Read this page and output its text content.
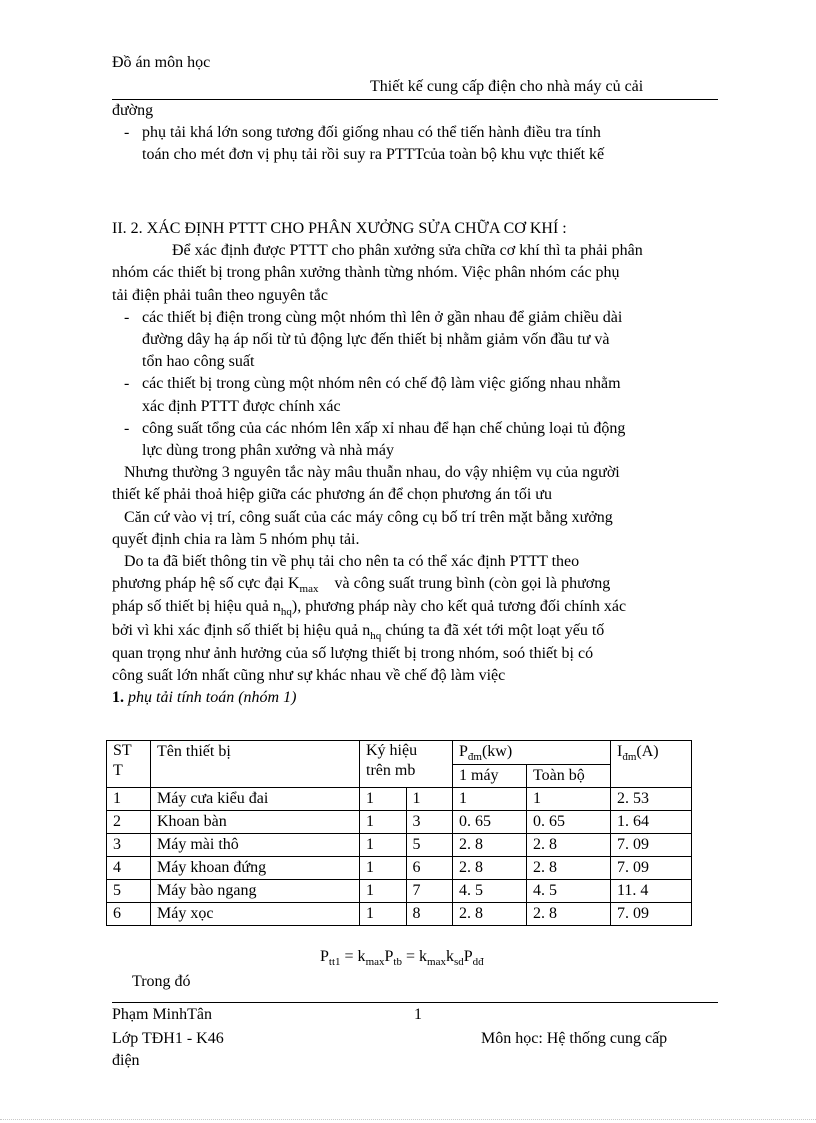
Đồ án môn học
Thiết kế cung cấp điện cho nhà máy củ cải

đường

- phụ tải khá lớn song tương đối giống nhau có thể tiến hành điều tra tính
toán cho mét đơn vị phụ tải rồi suy ra PTTTcủa toàn bộ khu vực thiết kế

II. 2. XÁC ĐỊNH PTTT CHO PHÂN XƯỞNG SỬA CHỮA CƠ KHÍ :

Để xác định được PTTT cho phân xưởng sửa chữa cơ khí thì ta phải phân

nhóm các thiết bị trong phân xưởng thành từng nhóm. Việc phân nhóm các phụ

tải điện phải tuân theo nguyên tắc

- các thiết bị điện trong cùng một nhóm thì lên ở gần nhau để giảm chiều dài
đường dây hạ áp nối từ tủ động lực đến thiết bị nhằm giảm vốn đầu tư và
tổn hao công suất

- các thiết bị trong cùng một nhóm nên có chế độ làm việc giống nhau nhằm
xác định PTTT được chính xác

- công suất tổng của các nhóm lên xấp xỉ nhau để hạn chế chủng loại tủ động
lực dùng trong phân xưởng và nhà máy

Nhưng thường 3 nguyên tắc này mâu thuẫn nhau, do vậy nhiệm vụ của người

thiết kế phải thoả hiệp giữa các phương án để chọn phương án tối ưu

Căn cứ vào vị trí, công suất của các máy công cụ bố trí trên mặt bằng xưởng

quyết định chia ra làm 5 nhóm phụ tải.

Do ta đã biết thông tin về phụ tải cho nên ta có thể xác định PTTT theo

phương pháp hệ số cực đại $K_{max}$ và công suất trung bình (còn gọi là phương

pháp số thiết bị hiệu quả $n_{hq}$), phương pháp này cho kết quả tương đối chính xác

bởi vì khi xác định số thiết bị hiệu quả $n_{hq}$ chúng ta đã xét tới một loạt yếu tố

quan trọng như ảnh hưởng của số lượng thiết bị trong nhóm, soó thiết bị có

công suất lớn nhất cũng như sự khác nhau về chế độ làm việc

1. phụ tải tính toán (nhóm 1)

ST
T	Tên thiết bị	Ký hiệu
trên mb		$P_{đm}(kw)$		$I_{đm}(A)$
				1 máy	Toàn bộ	
1	Máy cưa kiểu đai	1	1	1	1	2. 53
2	Khoan bàn	1	3	0. 65	0. 65	1. 64
3	Máy mài thô	1	5	2. 8	2. 8	7. 09
4	Máy khoan đứng	1	6	2. 8	2. 8	7. 09
5	Máy bào ngang	1	7	4. 5	4. 5	11. 4
6	Máy xọc	1	8	2. 8	2. 8	7. 09
$P_{tt1} = k_{max}P_{tb} = k_{max}k_{sd}P_{dđ}$
Trong đó
Phạm MinhTân	1
Lớp TĐH1 - K46	Môn học: Hệ thống cung cấp
điện
